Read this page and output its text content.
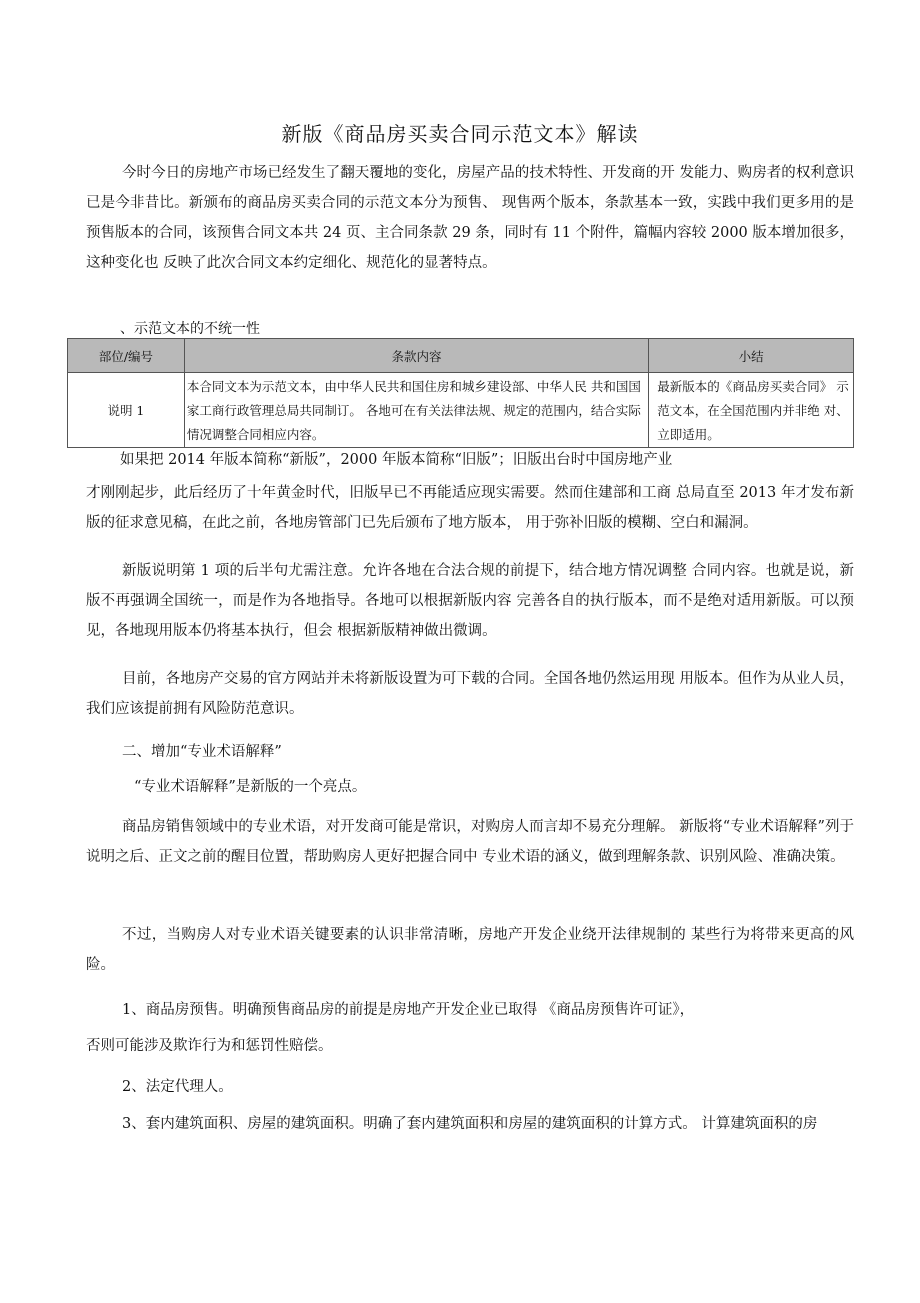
新版《商品房买卖合同示范文本》解读

今时今日的房地产市场已经发生了翻天覆地的变化，房屋产品的技术特性、开发商的开 发能力、购房者的权利意识已是今非昔比。新颁布的商品房买卖合同的示范文本分为预售、 现售两个版本，条款基本一致，实践中我们更多用的是预售版本的合同，该预售合同文本共 24 页、主合同条款 29 条，同时有 11 个附件，篇幅内容较 2000 版本增加很多，这种变化也 反映了此次合同文本约定细化、规范化的显著特点。

、示范文本的不统一性
部位/编号	条款内容	小结
说明 1	本合同文本为示范文本，由中华人民共和国住房和城乡建设部、中华人民 共和国国家工商行政管理总局共同制订。 各地可在有关法律法规、规定的范围内，结合实际情况调整合同相应内容。	最新版本的《商品房买卖合同》 示范文本，在全国范围内并非绝 对、立即适用。
如果把 2014 年版本简称“新版”，2000 年版本简称“旧版”；旧版出台时中国房地产业

才刚刚起步，此后经历了十年黄金时代，旧版早已不再能适应现实需要。然而住建部和工商 总局直至 2013 年才发布新版的征求意见稿，在此之前，各地房管部门已先后颁布了地方版本， 用于弥补旧版的模糊、空白和漏洞。

新版说明第 1 项的后半句尤需注意。允许各地在合法合规的前提下，结合地方情况调整 合同内容。也就是说，新版不再强调全国统一，而是作为各地指导。各地可以根据新版内容 完善各自的执行版本，而不是绝对适用新版。可以预见，各地现用版本仍将基本执行，但会 根据新版精神做出微调。

目前，各地房产交易的官方网站并未将新版设置为可下载的合同。全国各地仍然运用现 用版本。但作为从业人员，我们应该提前拥有风险防范意识。

二、增加“专业术语解释”
“专业术语解释”是新版的一个亮点。

商品房销售领域中的专业术语，对开发商可能是常识，对购房人而言却不易充分理解。 新版将“专业术语解释”列于说明之后、正文之前的醒目位置，帮助购房人更好把握合同中 专业术语的涵义，做到理解条款、识别风险、准确决策。

不过，当购房人对专业术语关键要素的认识非常清晰，房地产开发企业绕开法律规制的 某些行为将带来更高的风险。

1、商品房预售。明确预售商品房的前提是房地产开发企业已取得 《商品房预售许可证》，
否则可能涉及欺诈行为和惩罚性赔偿。
2、法定代理人。
3、套内建筑面积、房屋的建筑面积。明确了套内建筑面积和房屋的建筑面积的计算方式。 计算建筑面积的房
